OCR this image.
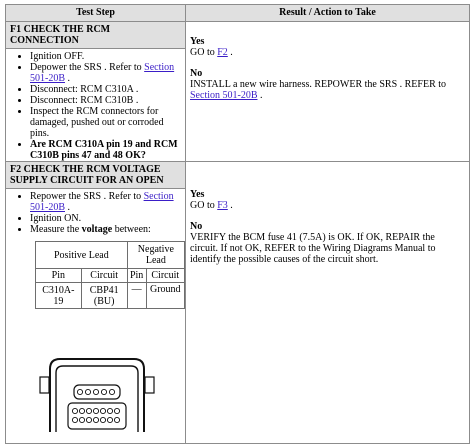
Test Step	Result / Action to Take

F1 CHECK THE RCM CONNECTION
• Ignition OFF.
• Depower the SRS . Refer to Section 501-20B .
• Disconnect: RCM C310A .
• Disconnect: RCM C310B .
• Inspect the RCM connectors for damaged, pushed out or corroded pins.
• Are RCM C310A pin 19 and RCM C310B pins 47 and 48 OK?

Yes

GO to F2 .

No

INSTALL a new wire harness. REPOWER the SRS . REFER to Section 501-20B .

F2 CHECK THE RCM VOLTAGE SUPPLY CIRCUIT FOR AN OPEN
• Repower the SRS . Refer to Section 501-20B .
• Ignition ON.
• Measure the voltage between:
Positive Lead	Negative Lead
Pin	Circuit	Pin	Circuit
C310A-19	CBP41 (BU)	—	Ground

Yes

GO to F3 .

No

VERIFY the BCM fuse 41 (7.5A) is OK. If OK, REPAIR the circuit. If not OK, REFER to the Wiring Diagrams Manual to identify the possible causes of the circuit short.
